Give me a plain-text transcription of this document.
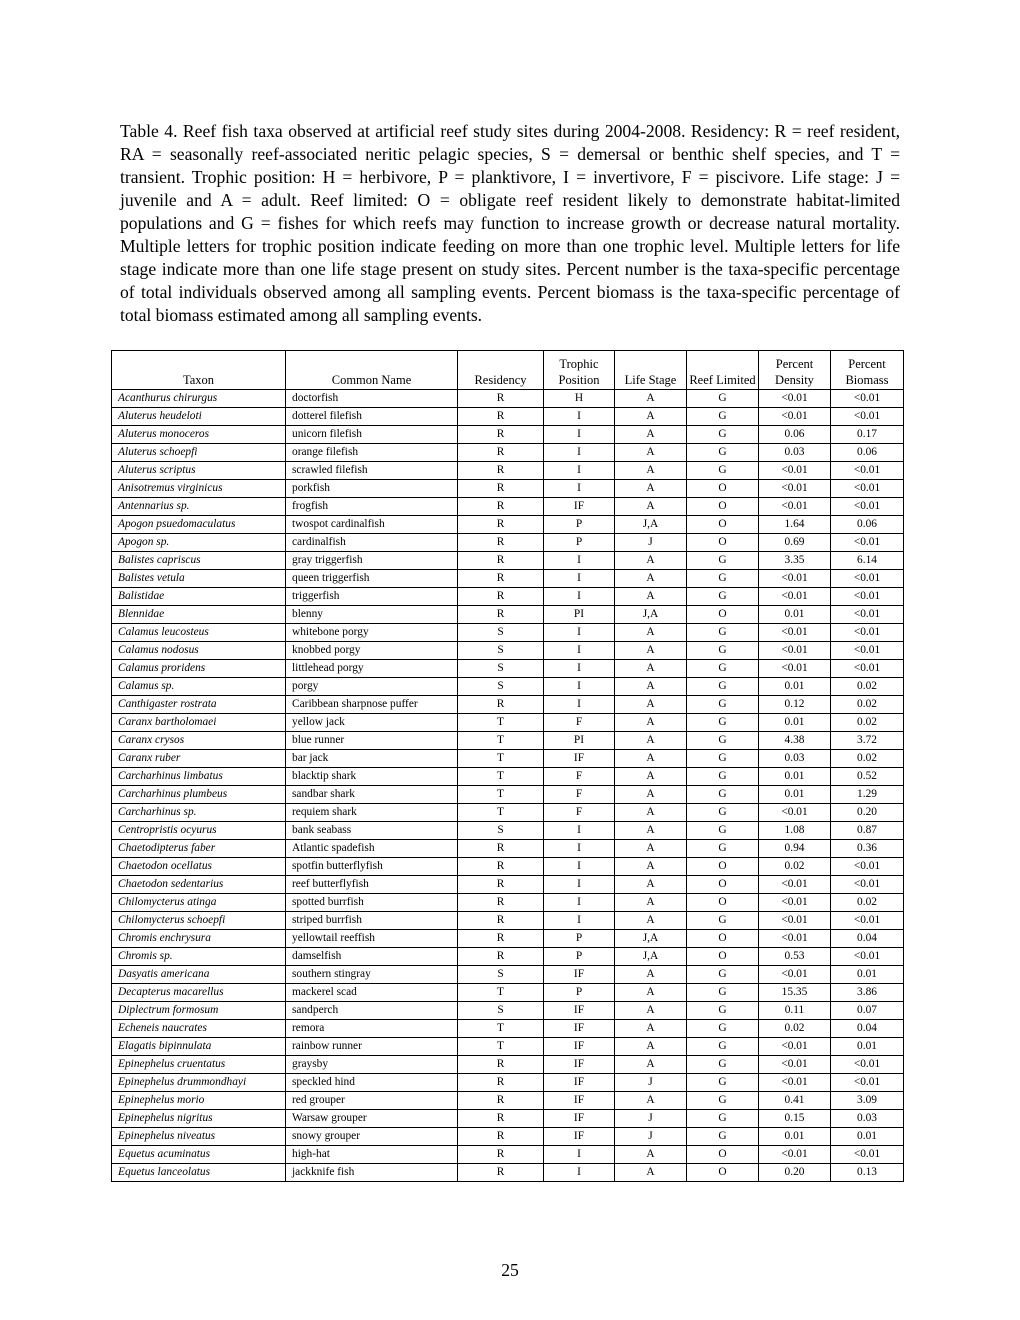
Table 4. Reef fish taxa observed at artificial reef study sites during 2004-2008. Residency: R = reef resident, RA = seasonally reef-associated neritic pelagic species, S = demersal or benthic shelf species, and T = transient. Trophic position: H = herbivore, P = planktivore, I = invertivore, F = piscivore. Life stage: J = juvenile and A = adult. Reef limited: O = obligate reef resident likely to demonstrate habitat-limited populations and G = fishes for which reefs may function to increase growth or decrease natural mortality. Multiple letters for trophic position indicate feeding on more than one trophic level. Multiple letters for life stage indicate more than one life stage present on study sites. Percent number is the taxa-specific percentage of total individuals observed among all sampling events. Percent biomass is the taxa-specific percentage of total biomass estimated among all sampling events.
Taxon	Common Name	Residency	Trophic Position	Life Stage	Reef Limited	Percent Density	Percent Biomass
Acanthurus chirurgus	doctorfish	R	H	A	G	<0.01	<0.01
Aluterus heudeloti	dotterel filefish	R	I	A	G	<0.01	<0.01
Aluterus monoceros	unicorn filefish	R	I	A	G	0.06	0.17
Aluterus schoepfi	orange filefish	R	I	A	G	0.03	0.06
Aluterus scriptus	scrawled filefish	R	I	A	G	<0.01	<0.01
Anisotremus virginicus	porkfish	R	I	A	O	<0.01	<0.01
Antennarius sp.	frogfish	R	IF	A	O	<0.01	<0.01
Apogon psuedomaculatus	twospot cardinalfish	R	P	J,A	O	1.64	0.06
Apogon sp.	cardinalfish	R	P	J	O	0.69	<0.01
Balistes capriscus	gray triggerfish	R	I	A	G	3.35	6.14
Balistes vetula	queen triggerfish	R	I	A	G	<0.01	<0.01
Balistidae	triggerfish	R	I	A	G	<0.01	<0.01
Blennidae	blenny	R	PI	J,A	O	0.01	<0.01
Calamus leucosteus	whitebone porgy	S	I	A	G	<0.01	<0.01
Calamus nodosus	knobbed porgy	S	I	A	G	<0.01	<0.01
Calamus proridens	littlehead porgy	S	I	A	G	<0.01	<0.01
Calamus sp.	porgy	S	I	A	G	0.01	0.02
Canthigaster rostrata	Caribbean sharpnose puffer	R	I	A	G	0.12	0.02
Caranx bartholomaei	yellow jack	T	F	A	G	0.01	0.02
Caranx crysos	blue runner	T	PI	A	G	4.38	3.72
Caranx ruber	bar jack	T	IF	A	G	0.03	0.02
Carcharhinus limbatus	blacktip shark	T	F	A	G	0.01	0.52
Carcharhinus plumbeus	sandbar shark	T	F	A	G	0.01	1.29
Carcharhinus sp.	requiem shark	T	F	A	G	<0.01	0.20
Centropristis ocyurus	bank seabass	S	I	A	G	1.08	0.87
Chaetodipterus faber	Atlantic spadefish	R	I	A	G	0.94	0.36
Chaetodon ocellatus	spotfin butterflyfish	R	I	A	O	0.02	<0.01
Chaetodon sedentarius	reef butterflyfish	R	I	A	O	<0.01	<0.01
Chilomycterus atinga	spotted burrfish	R	I	A	O	<0.01	0.02
Chilomycterus schoepfi	striped burrfish	R	I	A	G	<0.01	<0.01
Chromis enchrysura	yellowtail reeffish	R	P	J,A	O	<0.01	0.04
Chromis sp.	damselfish	R	P	J,A	O	0.53	<0.01
Dasyatis americana	southern stingray	S	IF	A	G	<0.01	0.01
Decapterus macarellus	mackerel scad	T	P	A	G	15.35	3.86
Diplectrum formosum	sandperch	S	IF	A	G	0.11	0.07
Echeneis naucrates	remora	T	IF	A	G	0.02	0.04
Elagatis bipinnulata	rainbow runner	T	IF	A	G	<0.01	0.01
Epinephelus cruentatus	graysby	R	IF	A	G	<0.01	<0.01
Epinephelus drummondhayi	speckled hind	R	IF	J	G	<0.01	<0.01
Epinephelus morio	red grouper	R	IF	A	G	0.41	3.09
Epinephelus nigritus	Warsaw grouper	R	IF	J	G	0.15	0.03
Epinephelus niveatus	snowy grouper	R	IF	J	G	0.01	0.01
Equetus acuminatus	high-hat	R	I	A	O	<0.01	<0.01
Equetus lanceolatus	jackknife fish	R	I	A	O	0.20	0.13
25
